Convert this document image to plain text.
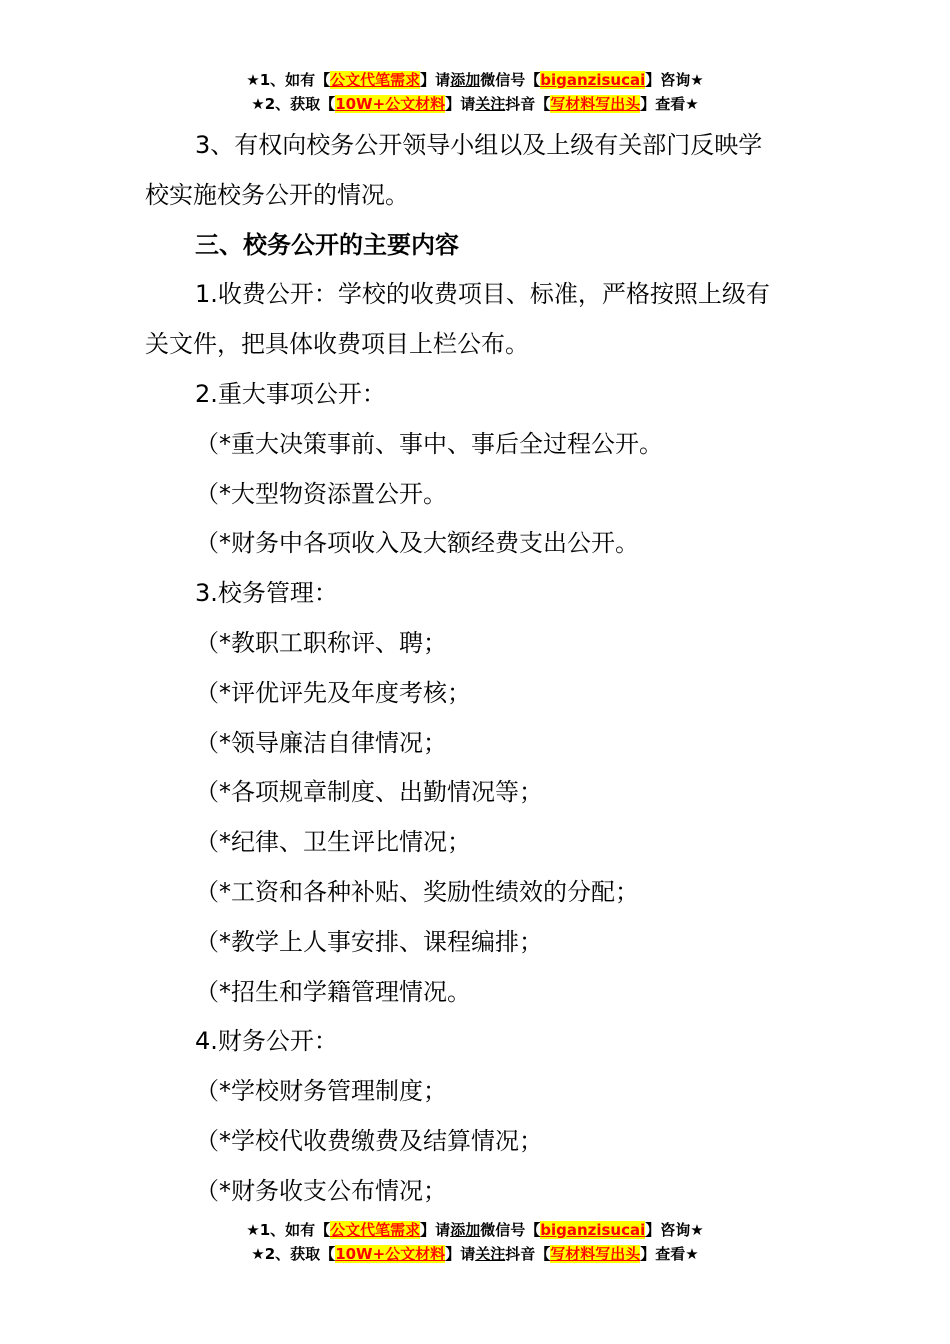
★1、如有【公文代笔需求】请添加微信号【biganzisucai】咨询★
★2、获取【10W+公文材料】请关注抖音【写材料写出头】查看★

3、有权向校务公开领导小组以及上级有关部门反映学

校实施校务公开的情况。

三、校务公开的主要内容

1.收费公开：学校的收费项目、标准，严格按照上级有

关文件，把具体收费项目上栏公布。

2.重大事项公开：

（*重大决策事前、事中、事后全过程公开。

（*大型物资添置公开。

（*财务中各项收入及大额经费支出公开。

3.校务管理：

（*教职工职称评、聘；

（*评优评先及年度考核；

（*领导廉洁自律情况；

（*各项规章制度、出勤情况等；

（*纪律、卫生评比情况；

（*工资和各种补贴、奖励性绩效的分配；

（*教学上人事安排、课程编排；

（*招生和学籍管理情况。

4.财务公开：

（*学校财务管理制度；

（*学校代收费缴费及结算情况；

（*财务收支公布情况；

★1、如有【公文代笔需求】请添加微信号【biganzisucai】咨询★
★2、获取【10W+公文材料】请关注抖音【写材料写出头】查看★
